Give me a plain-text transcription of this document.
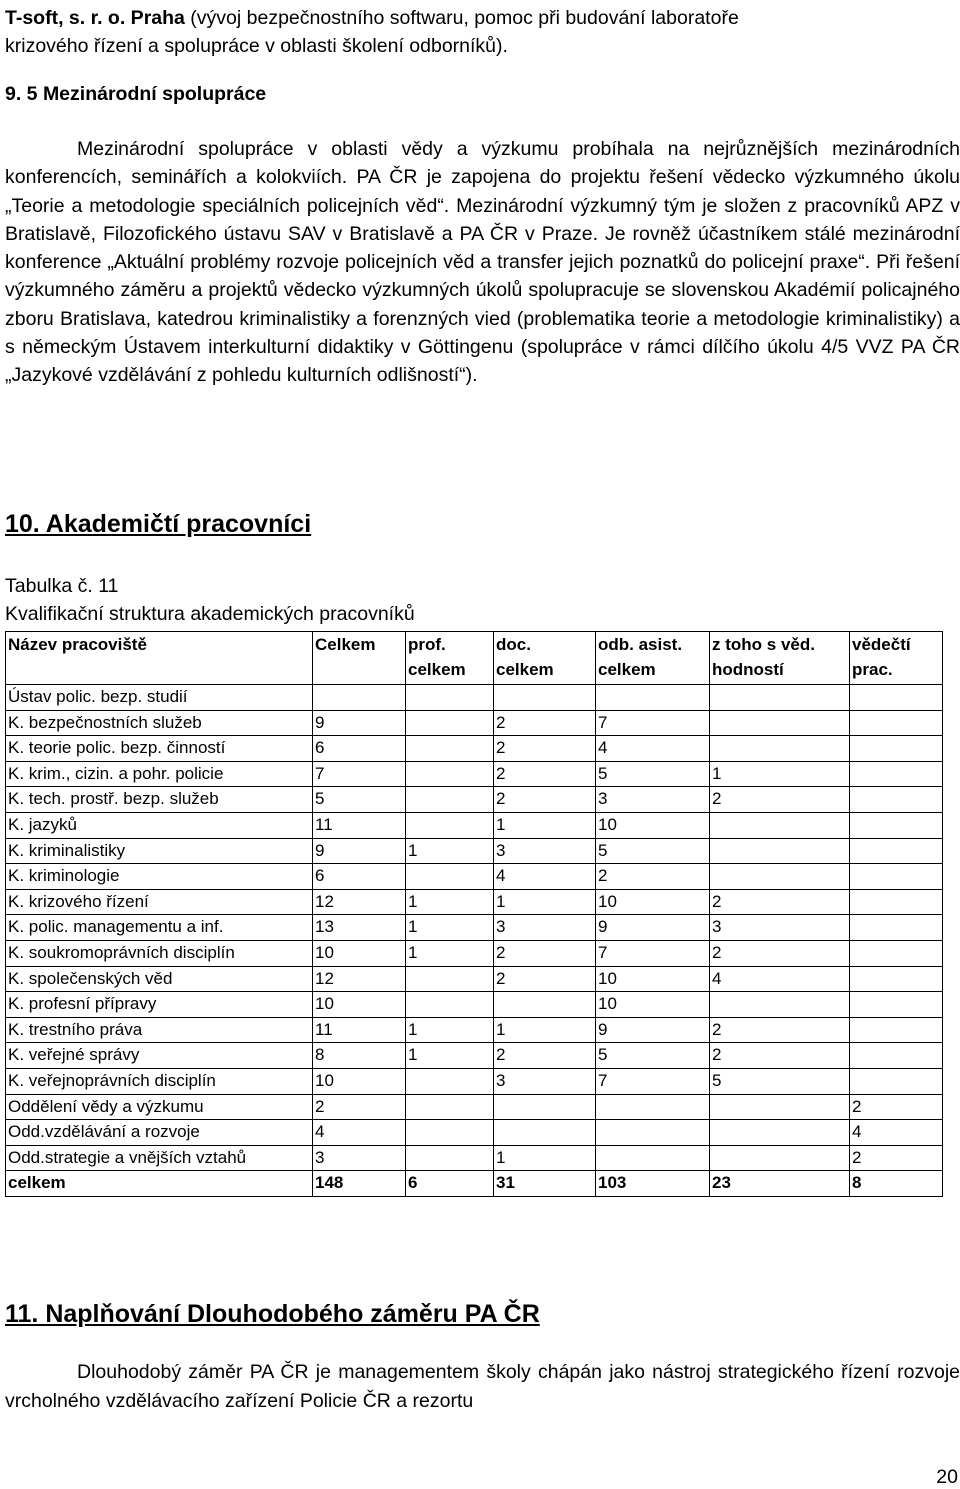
T-soft, s. r. o. Praha (vývoj bezpečnostního softwaru, pomoc při budování laboratoře

krizového řízení a spolupráce v oblasti školení odborníků).

9. 5 Mezinárodní spolupráce

Mezinárodní spolupráce v oblasti vědy a výzkumu probíhala na nejrůznějších mezinárodních konferencích, seminářích a kolokviích. PA ČR je zapojena do projektu řešení vědecko výzkumného úkolu „Teorie a metodologie speciálních policejních věd“. Mezinárodní výzkumný tým je složen z pracovníků APZ v Bratislavě, Filozofického ústavu SAV v Bratislavě a PA ČR v Praze. Je rovněž účastníkem stálé mezinárodní konference „Aktuální problémy rozvoje policejních věd a transfer jejich poznatků do policejní praxe“. Při řešení výzkumného záměru a projektů vědecko výzkumných úkolů spolupracuje se slovenskou Akadémií policajného zboru Bratislava, katedrou kriminalistiky a forenzných vied (problematika teorie a metodologie kriminalistiky) a s německým Ústavem interkulturní didaktiky v Göttingenu (spolupráce v rámci dílčího úkolu 4/5 VVZ PA ČR „Jazykové vzdělávání z pohledu kulturních odlišností“).

10. Akademičtí pracovníci
Tabulka č. 11
Kvalifikační struktura akademických pracovníků
Název pracoviště	Celkem	prof. celkem	doc. celkem	odb. asist. celkem	z toho s věd. hodností	vědečtí prac.
Ústav polic. bezp. studií						
K. bezpečnostních služeb	9		2	7		
K. teorie polic. bezp. činností	6		2	4		
K. krim., cizin. a pohr. policie	7		2	5	1	
K. tech. prostř. bezp. služeb	5		2	3	2	
K. jazyků	11		1	10		
K. kriminalistiky	9	1	3	5		
K. kriminologie	6		4	2		
K. krizového řízení	12	1	1	10	2	
K. polic. managementu a inf.	13	1	3	9	3	
K. soukromoprávních disciplín	10	1	2	7	2	
K. společenských věd	12		2	10	4	
K. profesní přípravy	10			10		
K. trestního práva	11	1	1	9	2	
K. veřejné správy	8	1	2	5	2	
K. veřejnoprávních disciplín	10		3	7	5	
Oddělení vědy a výzkumu	2					2
Odd.vzdělávání a rozvoje	4					4
Odd.strategie a vnějších vztahů	3		1			2
celkem	148	6	31	103	23	8
11. Naplňování Dlouhodobého záměru PA ČR

Dlouhodobý záměr PA ČR je managementem školy chápán jako nástroj strategického řízení rozvoje vrcholného vzdělávacího zařízení Policie ČR a rezortu

20
